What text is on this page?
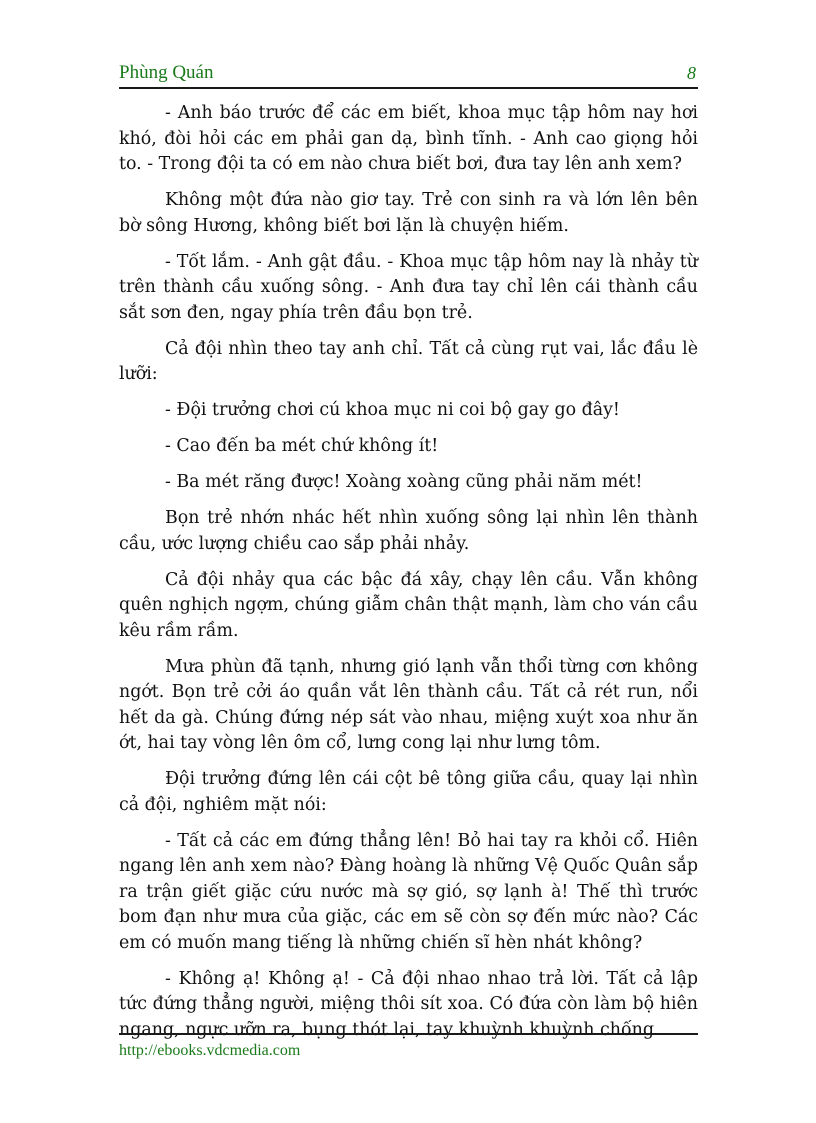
Phùng Quán	8

- Anh báo trước để các em biết, khoa mục tập hôm nay hơi khó, đòi hỏi các em phải gan dạ, bình tĩnh. - Anh cao giọng hỏi to. - Trong đội ta có em nào chưa biết bơi, đưa tay lên anh xem?

Không một đứa nào giơ tay. Trẻ con sinh ra và lớn lên bên bờ sông Hương, không biết bơi lặn là chuyện hiếm.

- Tốt lắm. - Anh gật đầu. - Khoa mục tập hôm nay là nhảy từ trên thành cầu xuống sông. - Anh đưa tay chỉ lên cái thành cầu sắt sơn đen, ngay phía trên đầu bọn trẻ.

Cả đội nhìn theo tay anh chỉ. Tất cả cùng rụt vai, lắc đầu lè lưỡi:

- Đội trưởng chơi cú khoa mục ni coi bộ gay go đây!

- Cao đến ba mét chứ không ít!

- Ba mét răng được! Xoàng xoàng cũng phải năm mét!

Bọn trẻ nhớn nhác hết nhìn xuống sông lại nhìn lên thành cầu, ước lượng chiều cao sắp phải nhảy.

Cả đội nhảy qua các bậc đá xây, chạy lên cầu. Vẫn không quên nghịch ngợm, chúng giẫm chân thật mạnh, làm cho ván cầu kêu rầm rầm.

Mưa phùn đã tạnh, nhưng gió lạnh vẫn thổi từng cơn không ngớt. Bọn trẻ cởi áo quần vắt lên thành cầu. Tất cả rét run, nổi hết da gà. Chúng đứng nép sát vào nhau, miệng xuýt xoa như ăn ớt, hai tay vòng lên ôm cổ, lưng cong lại như lưng tôm.

Đội trưởng đứng lên cái cột bê tông giữa cầu, quay lại nhìn cả đội, nghiêm mặt nói:

- Tất cả các em đứng thẳng lên! Bỏ hai tay ra khỏi cổ. Hiên ngang lên anh xem nào? Đàng hoàng là những Vệ Quốc Quân sắp ra trận giết giặc cứu nước mà sợ gió, sợ lạnh à! Thế thì trước bom đạn như mưa của giặc, các em sẽ còn sợ đến mức nào? Các em có muốn mang tiếng là những chiến sĩ hèn nhát không?

- Không ạ! Không ạ! - Cả đội nhao nhao trả lời. Tất cả lập tức đứng thẳng người, miệng thôi sít xoa. Có đứa còn làm bộ hiên ngang, ngực ưỡn ra, bụng thót lại, tay khuỳnh khuỳnh chống

http://ebooks.vdcmedia.com
